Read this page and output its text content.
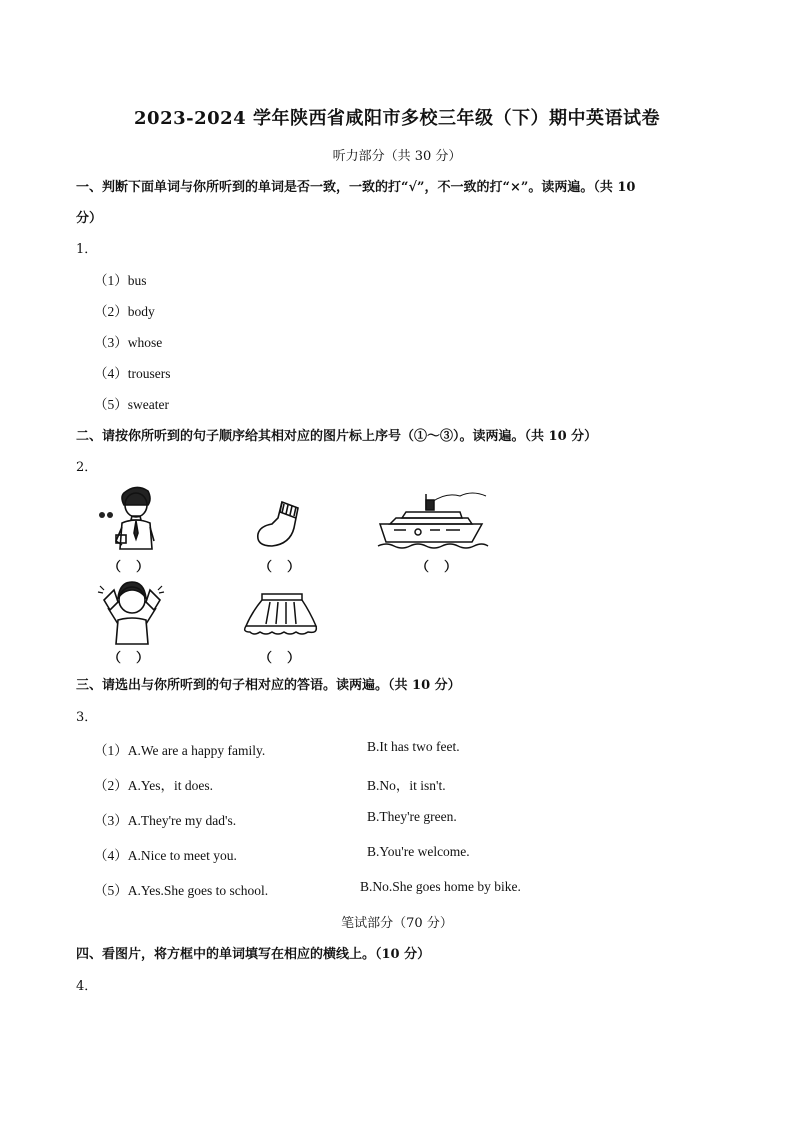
2023-2024 学年陕西省咸阳市多校三年级（下）期中英语试卷
听力部分（共 30 分）
一、判断下面单词与你所听到的单词是否一致，一致的打“√”，不一致的打“×”。读两遍。（共 10
分）
1．
（1）bus
（2）body
（3）whose
（4）trousers
（5）sweater
二、请按你所听到的句子顺序给其相对应的图片标上序号（①～③）。读两遍。（共 10 分）
2．
（　）	（　）	（　）
（　）	（　）
三、请选出与你所听到的句子相对应的答语。读两遍。（共 10 分）
3．
（1）A.We are a happy family.	B.It has two feet.
（2）A.Yes，it does.	B.No，it isn't.
（3）A.They're my dad's.	B.They're green.
（4）A.Nice to meet you.	B.You're welcome.
（5）A.Yes.She goes to school.	B.No.She goes home by bike.
笔试部分（70 分）
四、看图片，将方框中的单词填写在相应的横线上。（10 分）
4．
